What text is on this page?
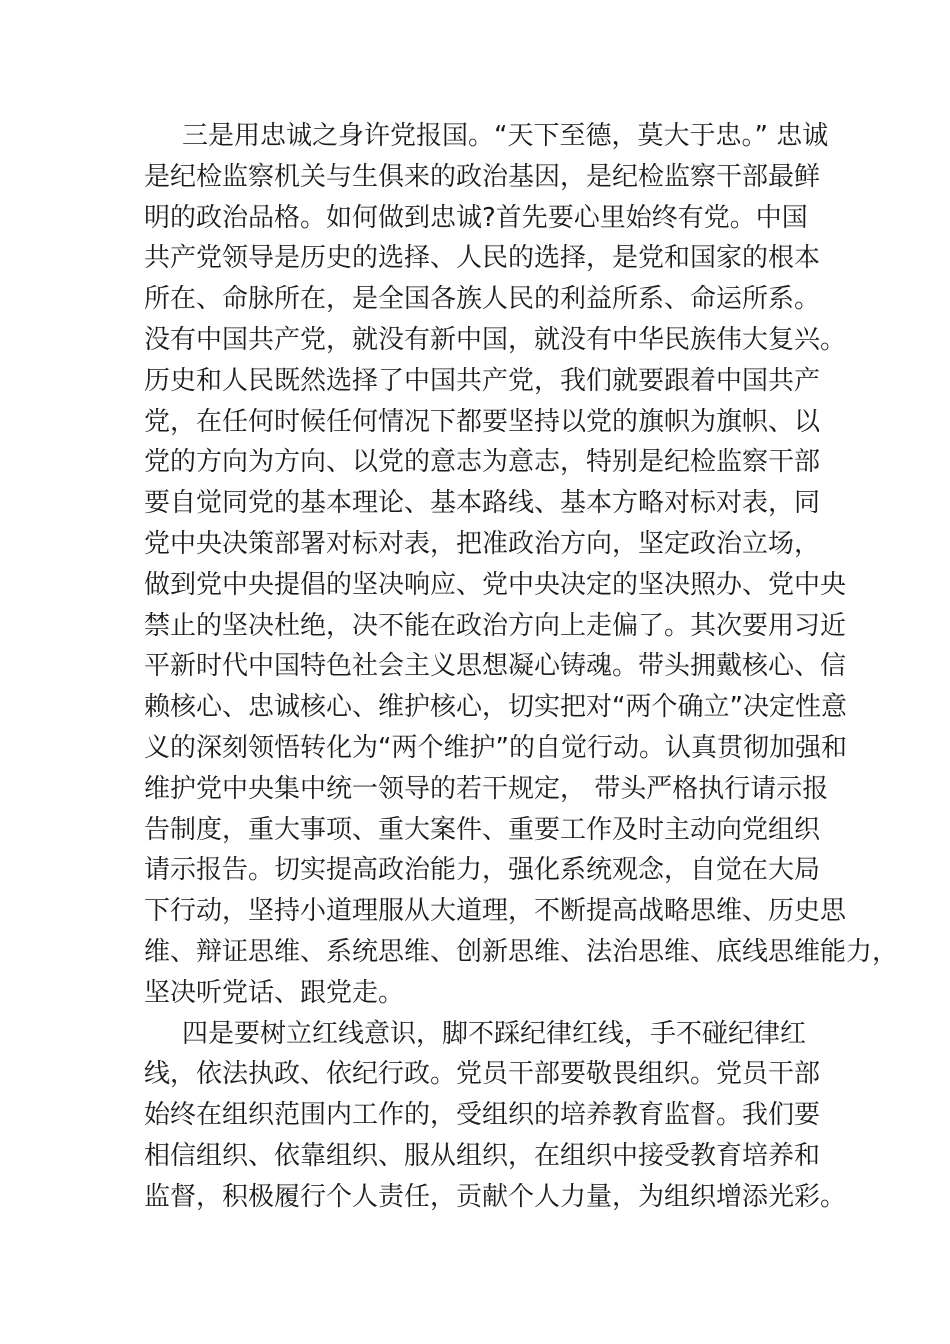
三是用忠诚之身许党报国。“天下至德，莫大于忠。” 忠诚
是纪检监察机关与生俱来的政治基因，是纪检监察干部最鲜
明的政治品格。如何做到忠诚?首先要心里始终有党。中国
共产党领导是历史的选择、人民的选择，是党和国家的根本
所在、命脉所在，是全国各族人民的利益所系、命运所系。
没有中国共产党，就没有新中国，就没有中华民族伟大复兴。
历史和人民既然选择了中国共产党，我们就要跟着中国共产
党，在任何时候任何情况下都要坚持以党的旗帜为旗帜、以
党的方向为方向、以党的意志为意志，特别是纪检监察干部
要自觉同党的基本理论、基本路线、基本方略对标对表，同
党中央决策部署对标对表，把准政治方向，坚定政治立场，
做到党中央提倡的坚决响应、党中央决定的坚决照办、党中央
禁止的坚决杜绝，决不能在政治方向上走偏了。其次要用习近
平新时代中国特色社会主义思想凝心铸魂。带头拥戴核心、信
赖核心、忠诚核心、维护核心，切实把对“两个确立”决定性意
义的深刻领悟转化为“两个维护”的自觉行动。认真贯彻加强和
维护党中央集中统一领导的若干规定， 带头严格执行请示报
告制度，重大事项、重大案件、重要工作及时主动向党组织
请示报告。切实提高政治能力，强化系统观念，自觉在大局
下行动，坚持小道理服从大道理，不断提高战略思维、历史思
维、辩证思维、系统思维、创新思维、法治思维、底线思维能力，
坚决听党话、跟党走。
四是要树立红线意识，脚不踩纪律红线，手不碰纪律红
线，依法执政、依纪行政。党员干部要敬畏组织。党员干部
始终在组织范围内工作的，受组织的培养教育监督。我们要
相信组织、依靠组织、服从组织，在组织中接受教育培养和
监督，积极履行个人责任，贡献个人力量，为组织增添光彩。
